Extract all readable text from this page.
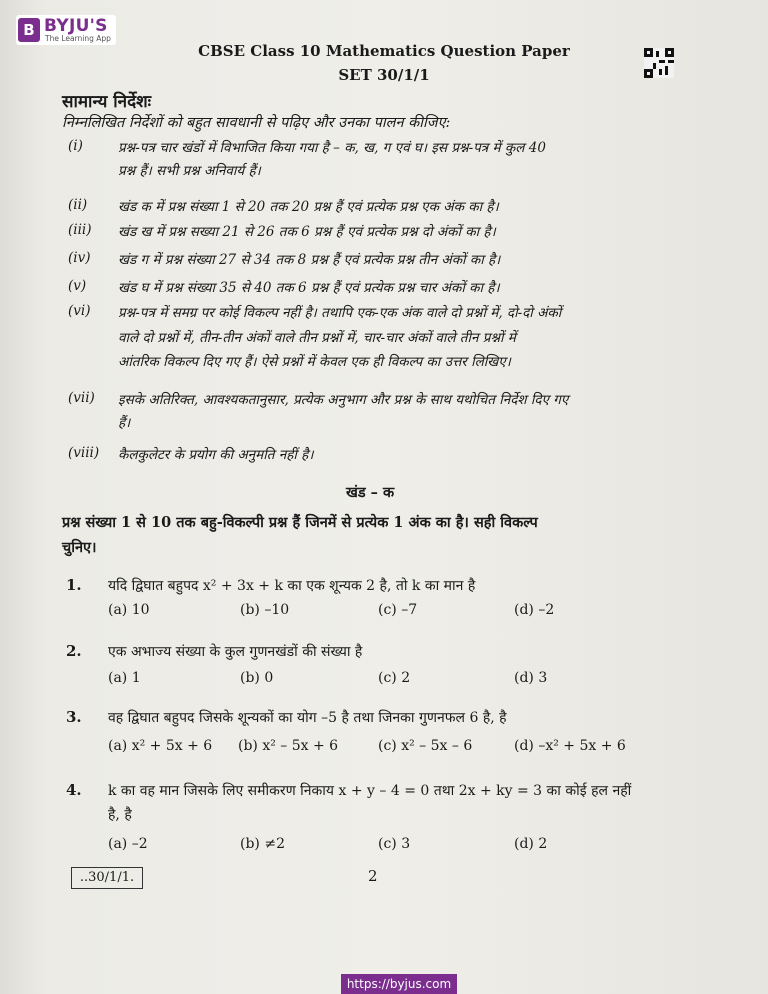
B BYJU'S
The Learning App
CBSE Class 10 Mathematics Question Paper
SET 30/1/1
सामान्य निर्देशः
निम्नलिखित निर्देशों को बहुत सावधानी से पढ़िए और उनका पालन कीजिए:
(i)	प्रश्न-पत्र चार खंडों में विभाजित किया गया है – क, ख, ग एवं घ। इस प्रश्न-पत्र में कुल 40
प्रश्न हैं। सभी प्रश्न अनिवार्य हैं।
(ii) खंड क में प्रश्न संख्या 1 से 20 तक 20 प्रश्न हैं एवं प्रत्येक प्रश्न एक अंक का है।
(iii) खंड ख में प्रश्न सख्या 21 से 26 तक 6 प्रश्न हैं एवं प्रत्येक प्रश्न दो अंकों का है।
(iv) खंड ग में प्रश्न संख्या 27 से 34 तक 8 प्रश्न हैं एवं प्रत्येक प्रश्न तीन अंकों का है।
(v) खंड घ में प्रश्न संख्या 35 से 40 तक 6 प्रश्न हैं एवं प्रत्येक प्रश्न चार अंकों का है।
(vi) प्रश्न-पत्र में समग्र पर कोई विकल्प नहीं है। तथापि एक-एक अंक वाले दो प्रश्नों में, दो-दो अंकों
वाले दो प्रश्नों में, तीन-तीन अंकों वाले तीन प्रश्नों में, चार-चार अंकों वाले तीन प्रश्नों में
आंतरिक विकल्प दिए गए हैं। ऐसे प्रश्नों में केवल एक ही विकल्प का उत्तर लिखिए।
(vii) इसके अतिरिक्त, आवश्यकतानुसार, प्रत्येक अनुभाग और प्रश्न के साथ यथोचित निर्देश दिए गए
हैं।
(viii) कैलकुलेटर के प्रयोग की अनुमति नहीं है।
खंड – क
प्रश्न संख्या 1 से 10 तक बहु-विकल्पी प्रश्न हैं जिनमें से प्रत्येक 1 अंक का है। सही विकल्प
चुनिए।
1. यदि द्विघात बहुपद x² + 3x + k का एक शून्यक 2 है, तो k का मान है
(a) 10	(b) –10	(c) –7	(d) –2
2. एक अभाज्य संख्या के कुल गुणनखंडों की संख्या है
(a) 1	(b) 0	(c) 2	(d) 3
3. वह द्विघात बहुपद जिसके शून्यकों का योग –5 है तथा जिनका गुणनफल 6 है, है
(a) x² + 5x + 6 (b) x² – 5x + 6	(c) x² – 5x – 6	(d) –x² + 5x + 6
4. k का वह मान जिसके लिए समीकरण निकाय x + y – 4 = 0 तथा 2x + ky = 3 का कोई हल नहीं
है, है
(a) –2	(b) ≠2	(c) 3	(d) 2
..30/1/1.	2
https://byjus.com
